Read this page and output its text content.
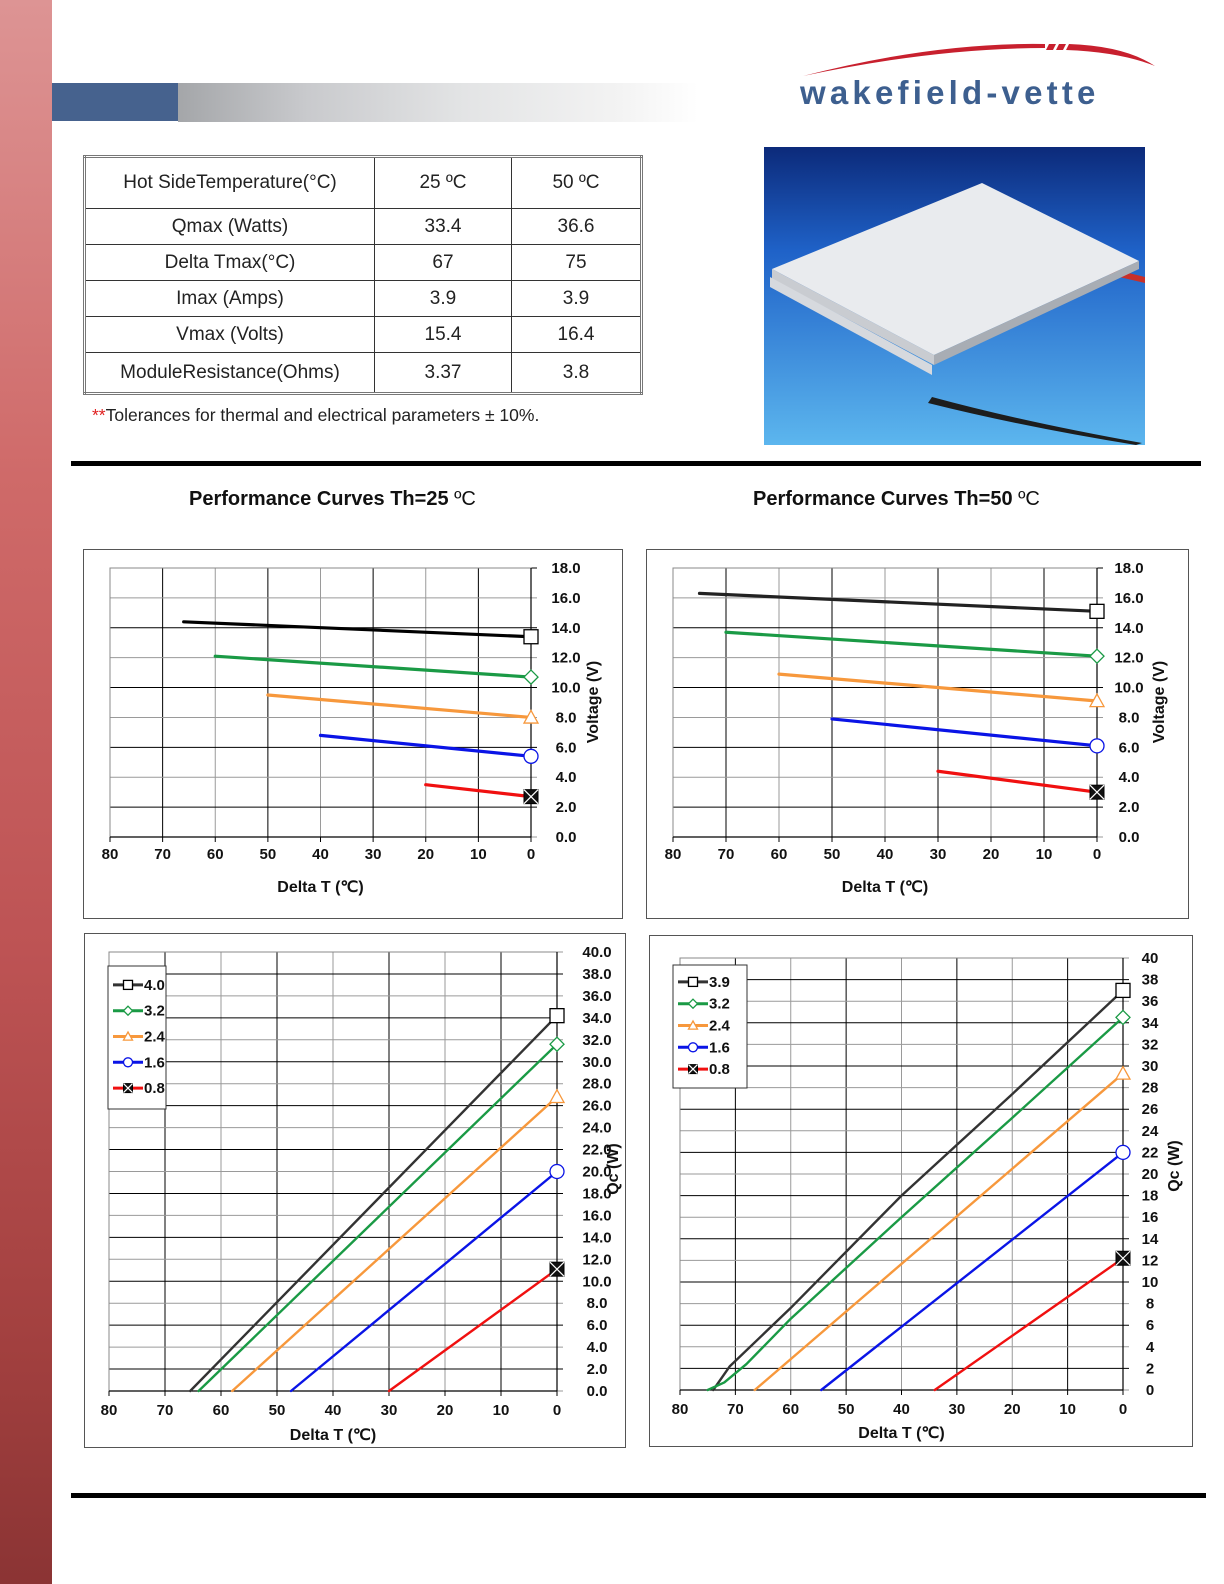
wakefield-vette
Hot SideTemperature(°C)	25 ºC	50 ºC
Qmax (Watts)	33.4	36.6
Delta Tmax(°C)	67	75
Imax (Amps)	3.9	3.9
Vmax (Volts)	15.4	16.4
ModuleResistance(Ohms)	3.37	3.8
**Tolerances for thermal and electrical parameters ± 10%.
Performance Curves Th=25 ºC	Performance Curves Th=50 ºC
80 70 60 50 40 30 20 10	0
0.0
2.0
4.0
6.0
8.0
10.0
12.0
14.0
16.0
18.0
Delta T (℃)
Voltage (V)
80 70 60 50 40 30 20 10	0
0.0
2.0
4.0
6.0
8.0
10.0
12.0
14.0
16.0
18.0
Delta T (℃)
Voltage (V)
80	70	60	50	40	30	20	10	0
0.0
2.0
4.0
6.0
8.0
10.0
12.0
14.0
16.0
18.0
20.0
22.0
24.0
26.0
28.0
30.0
32.0
34.0
36.0
38.0
40.0
Delta T (℃)
Qc (W)
4.0
3.2
2.4
1.6
0.8
80	70	60	50	40	30	20	10	0
0
2
4
6
8
10
12
14
16
18
20
22
24
26
28
30
32
34
36
38
40
Delta T (℃)
Qc (W)
3.9
3.2
2.4
1.6
0.8
